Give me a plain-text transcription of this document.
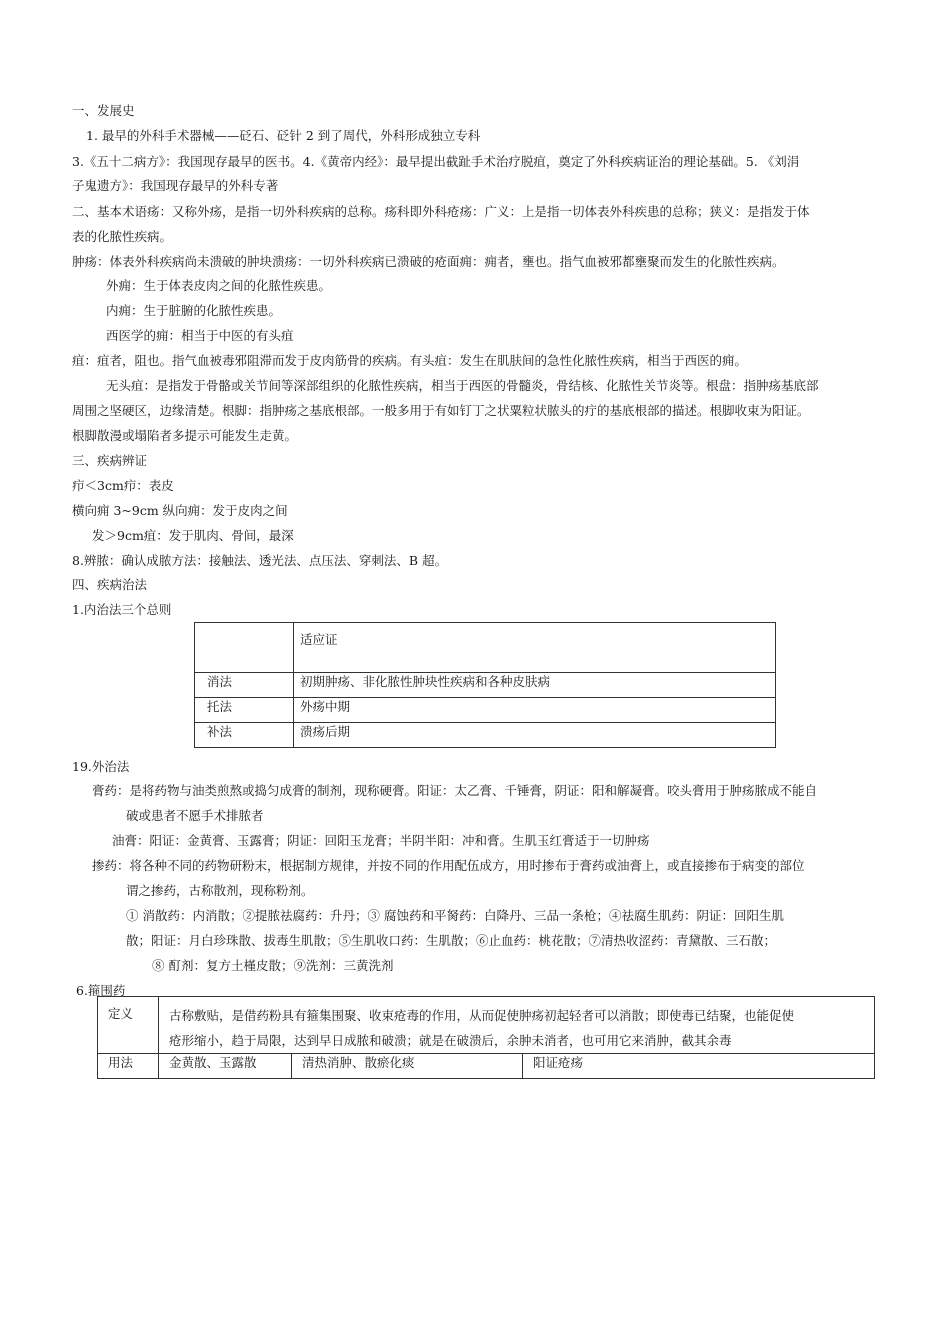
一、发展史
1. 最早的外科手术器械——砭石、砭针 2 到了周代，外科形成独立专科
3.《五十二病方》：我国现存最早的医书。4.《黄帝内经》：最早提出截趾手术治疗脱疽，奠定了外科疾病证治的理论基础。5. 《刘涓
子鬼遗方》：我国现存最早的外科专著
二、基本术语疡：又称外疡，是指一切外科疾病的总称。疡科即外科疮疡：广义：上是指一切体表外科疾患的总称；狭义：是指发于体
表的化脓性疾病。
肿疡：体表外科疾病尚未溃破的肿块溃疡：一切外科疾病已溃破的疮面痈：痈者，壅也。指气血被邪都壅聚而发生的化脓性疾病。
外痈：生于体表皮肉之间的化脓性疾患。
内痈：生于脏腑的化脓性疾患。
西医学的痈：相当于中医的有头疽
疽：疽者，阻也。指气血被毒邪阻滞而发于皮肉筋骨的疾病。有头疽：发生在肌肤间的急性化脓性疾病，相当于西医的痈。
无头疽：是指发于骨骼或关节间等深部组织的化脓性疾病，相当于西医的骨髓炎，骨结核、化脓性关节炎等。根盘：指肿疡基底部
周围之坚硬区，边缘清楚。根脚：指肿疡之基底根部。一般多用于有如钉丁之状粟粒状脓头的疔的基底根部的描述。根脚收束为阳证。
根脚散漫或塌陷者多提示可能发生走黄。
三、疾病辨证
疖＜3cm疖：表皮
横向痈 3~9cm 纵向痈：发于皮肉之间
发＞9cm疽：发于肌肉、骨间，最深
8.辨脓：确认成脓方法：接触法、透光法、点压法、穿刺法、B 超。
四、疾病治法
1.内治法三个总则
	适应证
消法	初期肿疡、非化脓性肿块性疾病和各种皮肤病
托法	外疡中期
补法	溃疡后期
19.外治法
膏药：是将药物与油类煎熬或捣匀成膏的制剂，现称硬膏。阳证：太乙膏、千锤膏，阴证：阳和解凝膏。咬头膏用于肿疡脓成不能自
破或患者不愿手术排脓者
油膏：阳证：金黄膏、玉露膏；阴证：回阳玉龙膏；半阴半阳：冲和膏。生肌玉红膏适于一切肿疡
掺药：将各种不同的药物研粉末，根据制方规律，并按不同的作用配伍成方，用时掺布于膏药或油膏上，或直接掺布于病变的部位
谓之掺药，古称散剂，现称粉剂。
① 消散药：内消散；②提脓祛腐药：升丹；③ 腐蚀药和平胬药：白降丹、三品一条枪；④祛腐生肌药：阴证：回阳生肌
散；阳证：月白珍珠散、拔毒生肌散；⑤生肌收口药：生肌散；⑥止血药：桃花散；⑦清热收涩药：青黛散、三石散；
⑧ 酊剂：复方土槿皮散；⑨洗剂：三黄洗剂
6.箍围药
定义	古称敷贴，是借药粉具有箍集围聚、收束疮毒的作用，从而促使肿疡初起轻者可以消散；即使毒已结聚，也能促使
疮形缩小，趋于局限，达到早日成脓和破溃；就是在破溃后，余肿未消者，也可用它来消肿，截其余毒		

用法	金黄散、玉露散	清热消肿、散瘀化痰	阳证疮疡
